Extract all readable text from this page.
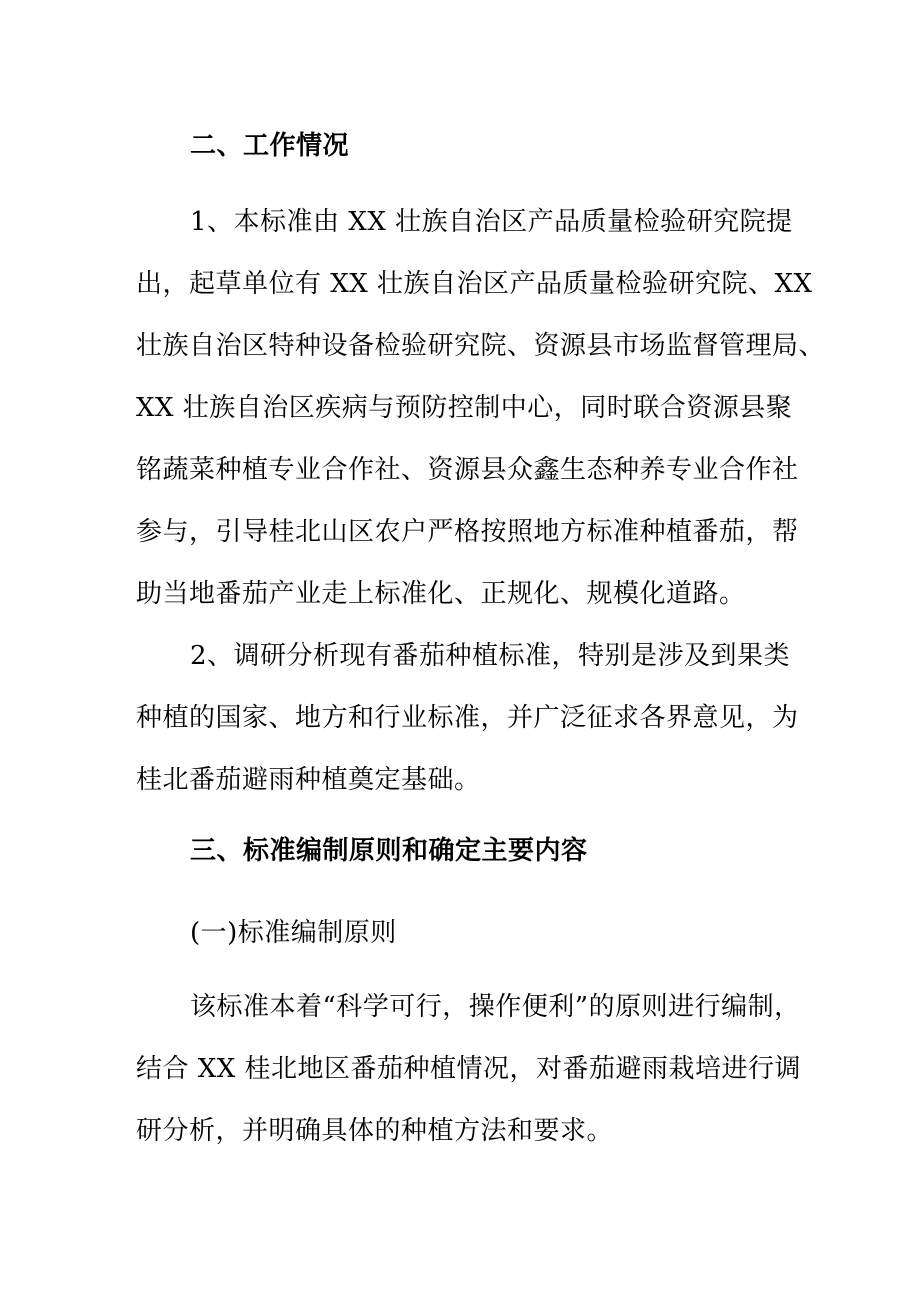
二、工作情况
1、本标准由 XX 壮族自治区产品质量检验研究院提
出，起草单位有 XX 壮族自治区产品质量检验研究院、XX
壮族自治区特种设备检验研究院、资源县市场监督管理局、
XX 壮族自治区疾病与预防控制中心，同时联合资源县聚
铭蔬菜种植专业合作社、资源县众鑫生态种养专业合作社
参与，引导桂北山区农户严格按照地方标准种植番茄，帮
助当地番茄产业走上标准化、正规化、规模化道路。
2、调研分析现有番茄种植标准，特别是涉及到果类
种植的国家、地方和行业标准，并广泛征求各界意见，为
桂北番茄避雨种植奠定基础。
三、标准编制原则和确定主要内容
(一)标准编制原则
该标准本着“科学可行，操作便利”的原则进行编制，
结合 XX 桂北地区番茄种植情况，对番茄避雨栽培进行调
研分析，并明确具体的种植方法和要求。
